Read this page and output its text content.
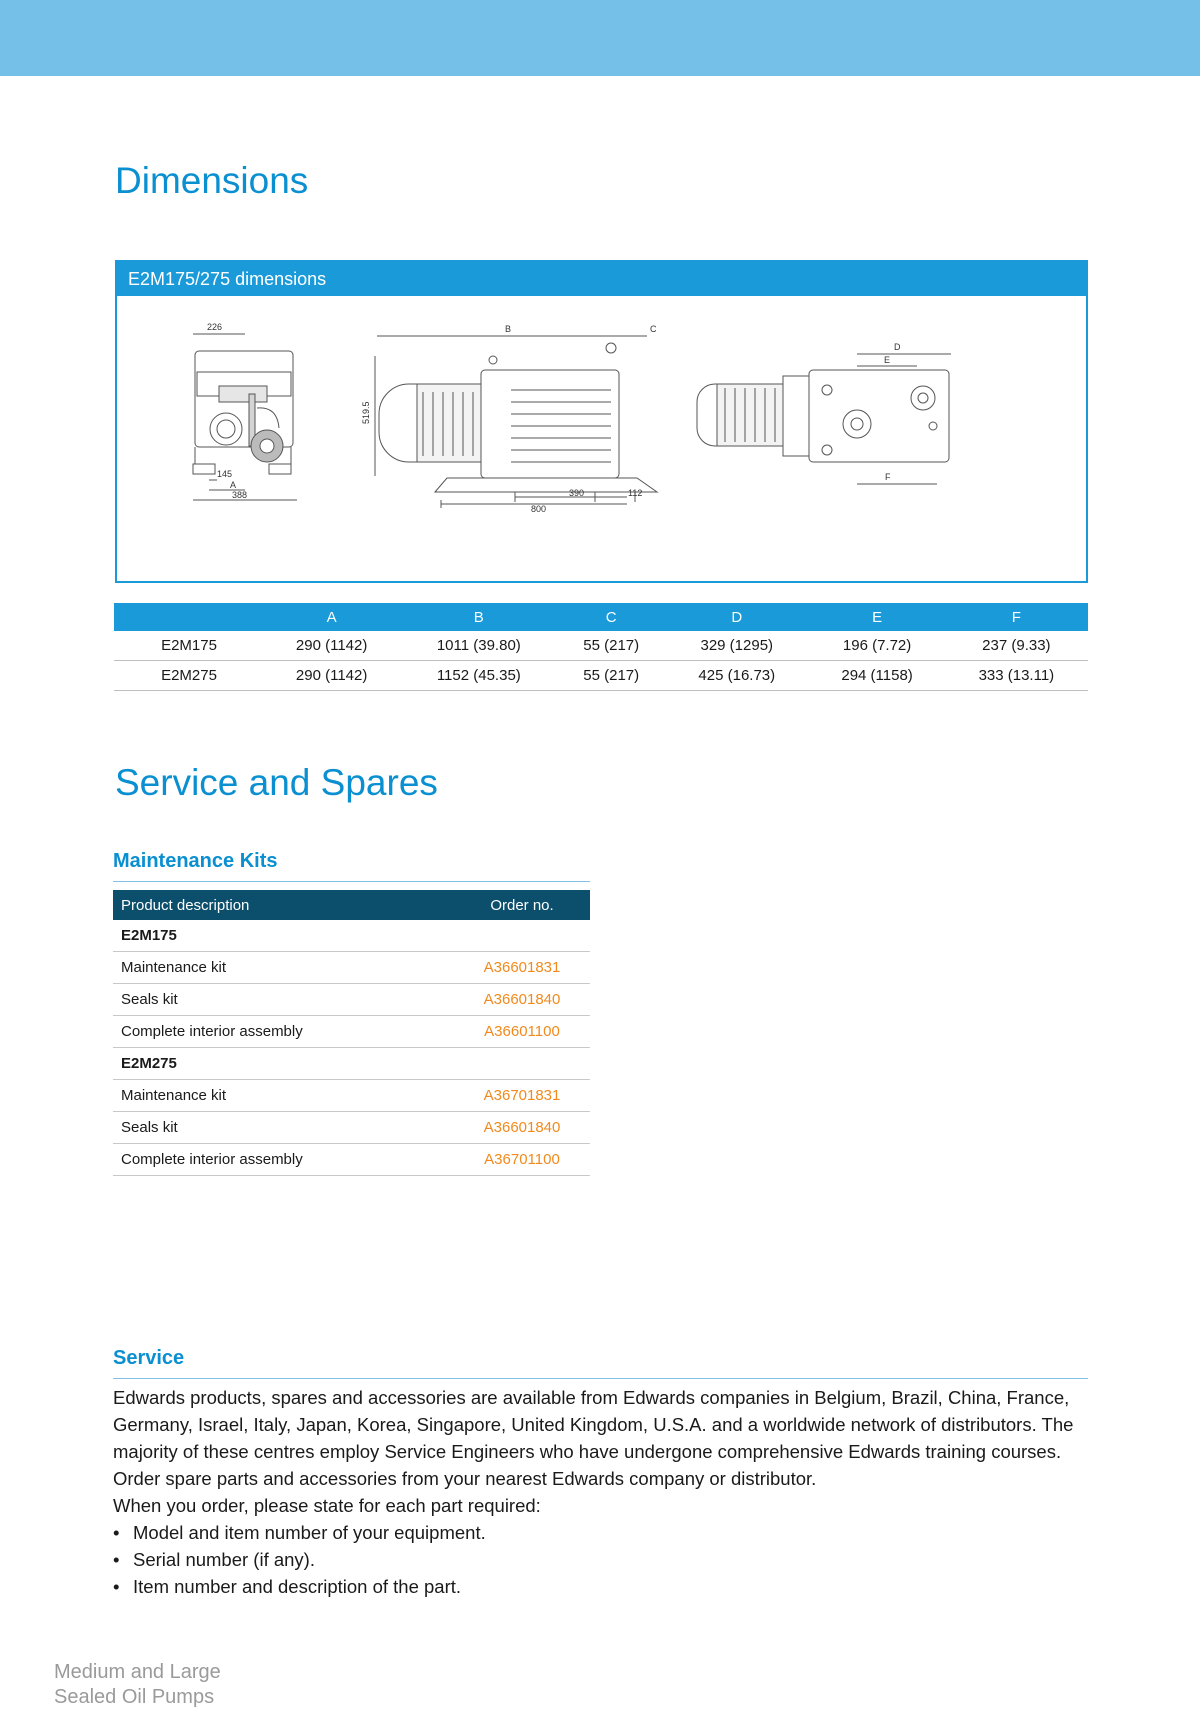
Dimensions
E2M175/275 dimensions
226
145
A
388
B	C
519.5
390	112
800
D
E
F
	A	B	C	D	E	F
E2M175	290 (1142)	1011 (39.80)	55 (217)	329 (1295)	196 (7.72)	237 (9.33)
E2M275	290 (1142)	1152 (45.35)	55 (217)	425 (16.73)	294 (1158)	333 (13.11)
Service and Spares
Maintenance Kits
Product description	Order no.
E2M175	
Maintenance kit	A36601831
Seals kit	A36601840
Complete interior assembly	A36601100
E2M275	
Maintenance kit	A36701831
Seals kit	A36601840
Complete interior assembly	A36701100
Service

Edwards products, spares and accessories are available from Edwards companies in Belgium, Brazil, China, France, Germany, Israel, Italy, Japan, Korea, Singapore, United Kingdom, U.S.A. and a worldwide network of distributors. The majority of these centres employ Service Engineers who have undergone comprehensive Edwards training courses.

Order spare parts and accessories from your nearest Edwards company or distributor.

When you order, please state for each part required:

• Model and item number of your equipment.
• Serial number (if any).
• Item number and description of the part.
Medium and Large
Sealed Oil Pumps
